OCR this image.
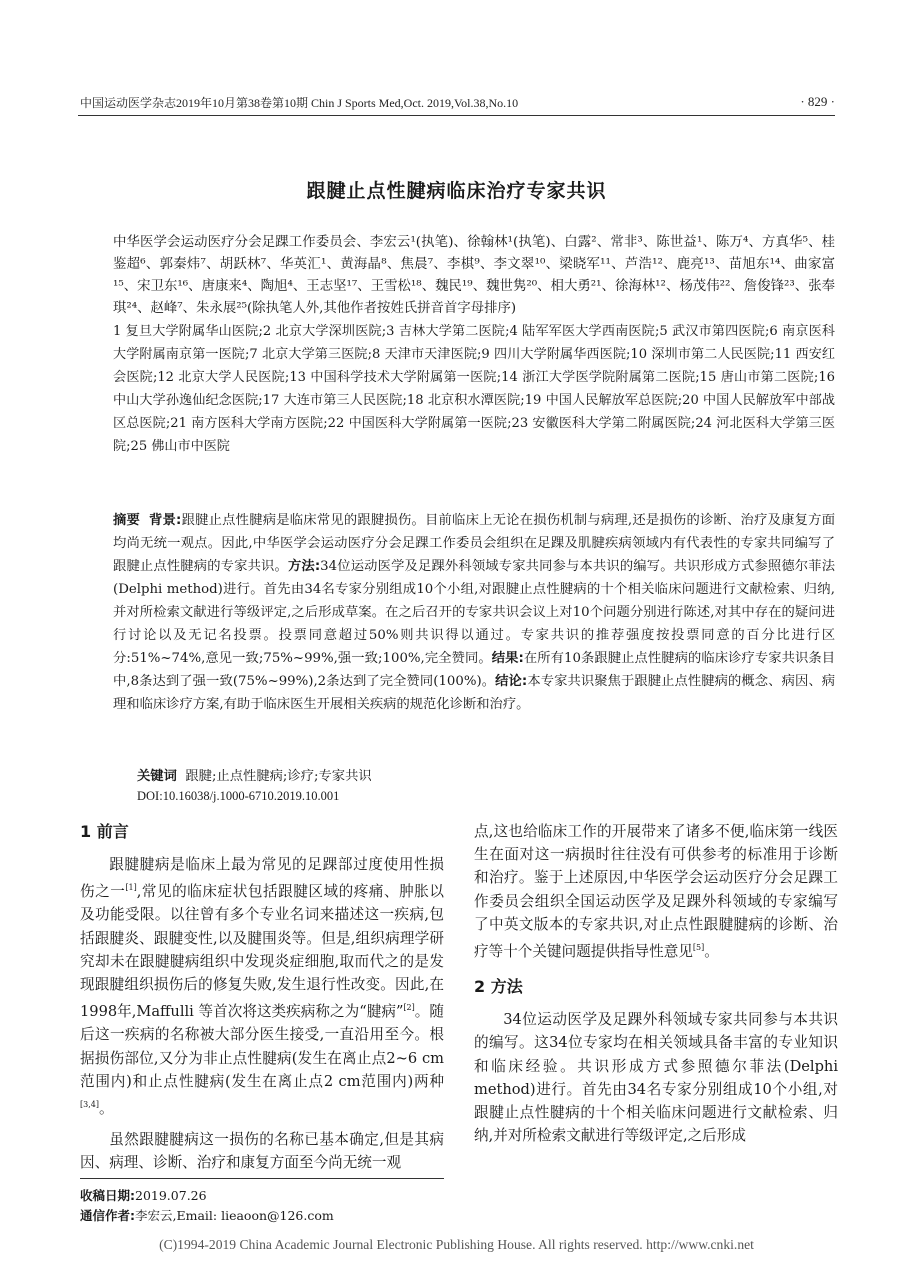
中国运动医学杂志2019年10月第38卷第10期 Chin J Sports Med,Oct. 2019,Vol.38,No.10	· 829 ·
跟腱止点性腱病临床治疗专家共识
中华医学会运动医疗分会足踝工作委员会、李宏云¹(执笔)、徐翰林¹(执笔)、白露²、常非³、陈世益¹、陈万⁴、方真华⁵、桂鉴超⁶、郭秦炜⁷、胡跃林⁷、华英汇¹、黄海晶⁸、焦晨⁷、李棋⁹、李文翠¹⁰、梁晓军¹¹、芦浩¹²、鹿亮¹³、苗旭东¹⁴、曲家富¹⁵、宋卫东¹⁶、唐康来⁴、陶旭⁴、王志坚¹⁷、王雪松¹⁸、魏民¹⁹、魏世隽²⁰、相大勇²¹、徐海林¹²、杨茂伟²²、詹俊锋²³、张奉琪²⁴、赵峰⁷、朱永展²⁵(除执笔人外,其他作者按姓氏拼音首字母排序)
1 复旦大学附属华山医院;2 北京大学深圳医院;3 吉林大学第二医院;4 陆军军医大学西南医院;5 武汉市第四医院;6 南京医科大学附属南京第一医院;7 北京大学第三医院;8 天津市天津医院;9 四川大学附属华西医院;10 深圳市第二人民医院;11 西安红会医院;12 北京大学人民医院;13 中国科学技术大学附属第一医院;14 浙江大学医学院附属第二医院;15 唐山市第二医院;16 中山大学孙逸仙纪念医院;17 大连市第三人民医院;18 北京积水潭医院;19 中国人民解放军总医院;20 中国人民解放军中部战区总医院;21 南方医科大学南方医院;22 中国医科大学附属第一医院;23 安徽医科大学第二附属医院;24 河北医科大学第三医院;25 佛山市中医院
摘要 背景:跟腱止点性腱病是临床常见的跟腱损伤。目前临床上无论在损伤机制与病理,还是损伤的诊断、治疗及康复方面均尚无统一观点。因此,中华医学会运动医疗分会足踝工作委员会组织在足踝及肌腱疾病领域内有代表性的专家共同编写了跟腱止点性腱病的专家共识。方法:34位运动医学及足踝外科领域专家共同参与本共识的编写。共识形成方式参照德尔菲法(Delphi method)进行。首先由34名专家分别组成10个小组,对跟腱止点性腱病的十个相关临床问题进行文献检索、归纳,并对所检索文献进行等级评定,之后形成草案。在之后召开的专家共识会议上对10个问题分别进行陈述,对其中存在的疑问进行讨论以及无记名投票。投票同意超过50%则共识得以通过。专家共识的推荐强度按投票同意的百分比进行区分:51%~74%,意见一致;75%~99%,强一致;100%,完全赞同。结果:在所有10条跟腱止点性腱病的临床诊疗专家共识条目中,8条达到了强一致(75%~99%),2条达到了完全赞同(100%)。结论:本专家共识聚焦于跟腱止点性腱病的概念、病因、病理和临床诊疗方案,有助于临床医生开展相关疾病的规范化诊断和治疗。
关键词 跟腱;止点性腱病;诊疗;专家共识
DOI:10.16038/j.1000-6710.2019.10.001
1 前言

跟腱腱病是临床上最为常见的足踝部过度使用性损伤之一[1],常见的临床症状包括跟腱区域的疼痛、肿胀以及功能受限。以往曾有多个专业名词来描述这一疾病,包括跟腱炎、跟腱变性,以及腱围炎等。但是,组织病理学研究却未在跟腱腱病组织中发现炎症细胞,取而代之的是发现跟腱组织损伤后的修复失败,发生退行性改变。因此,在1998年,Maffulli 等首次将这类疾病称之为“腱病”[2]。随后这一疾病的名称被大部分医生接受,一直沿用至今。根据损伤部位,又分为非止点性腱病(发生在离止点2~6 cm范围内)和止点性腱病(发生在离止点2 cm范围内)两种[3,4]。

虽然跟腱腱病这一损伤的名称已基本确定,但是其病因、病理、诊断、治疗和康复方面至今尚无统一观

点,这也给临床工作的开展带来了诸多不便,临床第一线医生在面对这一病损时往往没有可供参考的标准用于诊断和治疗。鉴于上述原因,中华医学会运动医疗分会足踝工作委员会组织全国运动医学及足踝外科领域的专家编写了中英文版本的专家共识,对止点性跟腱腱病的诊断、治疗等十个关键问题提供指导性意见[5]。

2 方法

34位运动医学及足踝外科领域专家共同参与本共识的编写。这34位专家均在相关领域具备丰富的专业知识和临床经验。共识形成方式参照德尔菲法(Delphi method)进行。首先由34名专家分别组成10个小组,对跟腱止点性腱病的十个相关临床问题进行文献检索、归纳,并对所检索文献进行等级评定,之后形成

收稿日期:2019.07.26
通信作者:李宏云,Email: lieaoon@126.com
(C)1994-2019 China Academic Journal Electronic Publishing House. All rights reserved. http://www.cnki.net
